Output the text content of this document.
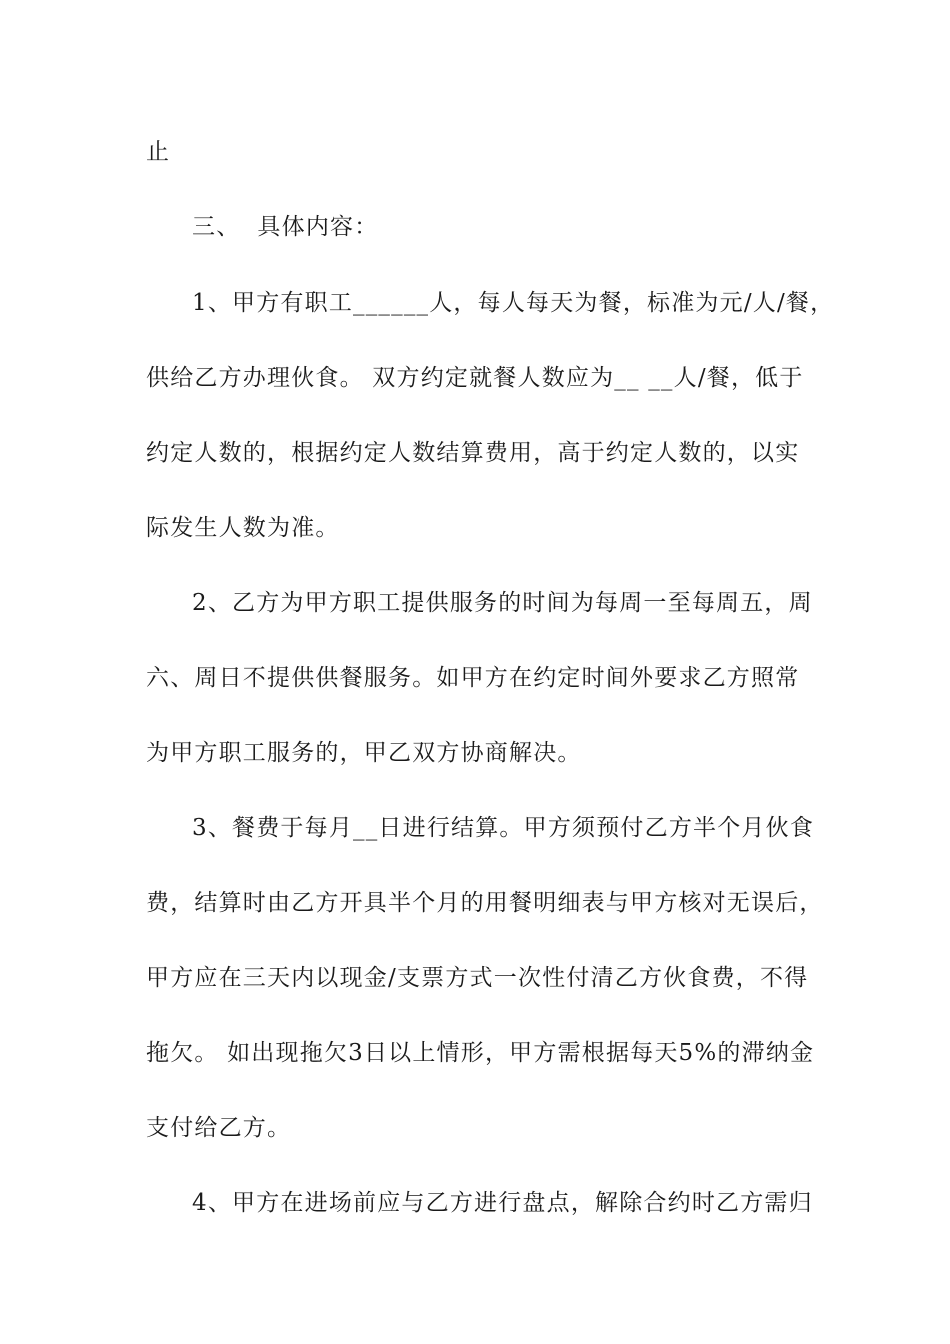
止
三、  具体内容：
1、甲方有职工______人，每人每天为餐，标准为元/人/餐，
供给乙方办理伙食。 双方约定就餐人数应为__ __人/餐，低于
约定人数的，根据约定人数结算费用，高于约定人数的，以实
际发生人数为准。
2、乙方为甲方职工提供服务的时间为每周一至每周五，周
六、周日不提供供餐服务。如甲方在约定时间外要求乙方照常
为甲方职工服务的，甲乙双方协商解决。
3、餐费于每月__日进行结算。甲方须预付乙方半个月伙食
费，结算时由乙方开具半个月的用餐明细表与甲方核对无误后，
甲方应在三天内以现金/支票方式一次性付清乙方伙食费，不得
拖欠。 如出现拖欠3日以上情形，甲方需根据每天5%的滞纳金
支付给乙方。
4、甲方在进场前应与乙方进行盘点，解除合约时乙方需归
